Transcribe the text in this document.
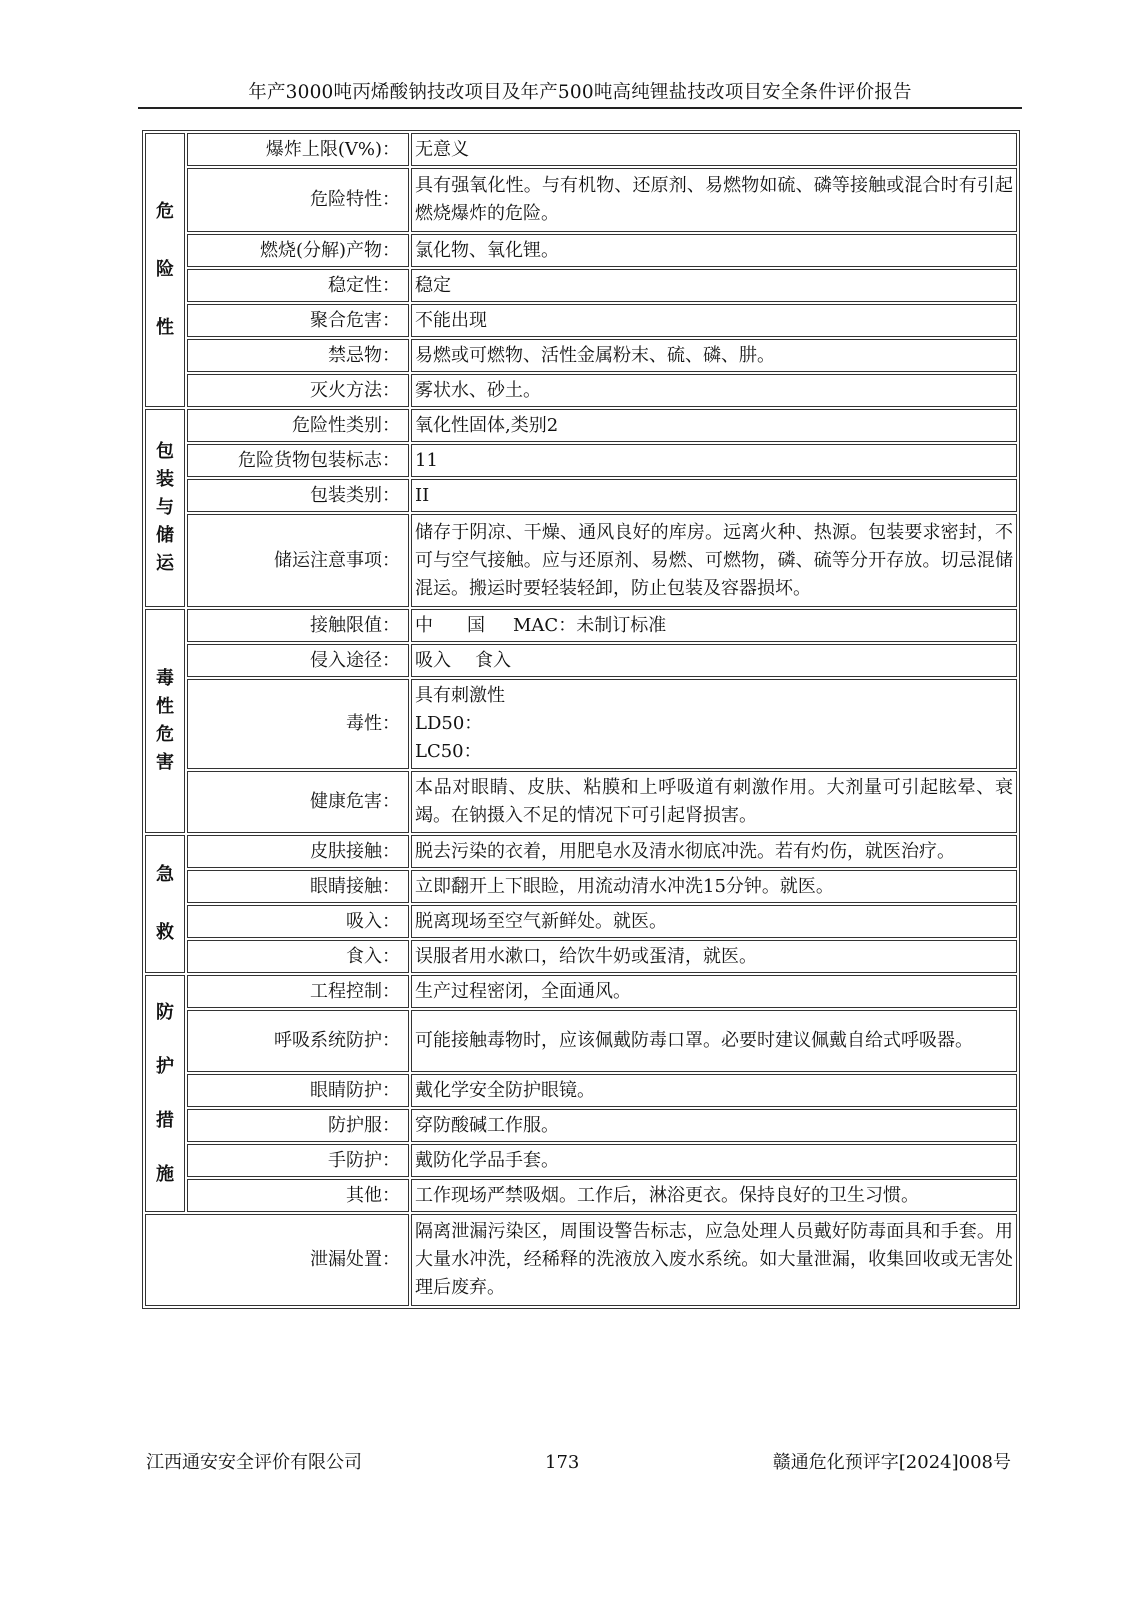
年产3000吨丙烯酸钠技改项目及年产500吨高纯锂盐技改项目安全条件评价报告
危
险
性	爆炸上限(V%)：	无意义
	危险特性：	具有强氧化性。与有机物、还原剂、易燃物如硫、磷等接触或混合时有引起燃烧爆炸的危险。
	燃烧(分解)产物：	氯化物、氧化锂。
	稳定性：	稳定
	聚合危害：	不能出现
	禁忌物：	易燃或可燃物、活性金属粉末、硫、磷、肼。
	灭火方法：	雾状水、砂土。

包
装
与
储
运	危险性类别：	氧化性固体,类别2
	危险货物包装标志：	11
	包装类别：	II
	储运注意事项：	储存于阴凉、干燥、通风良好的库房。远离火种、热源。包装要求密封，不可与空气接触。应与还原剂、易燃、可燃物，磷、硫等分开存放。切忌混储混运。搬运时要轻装轻卸，防止包装及容器损坏。

毒
性
危
害	接触限值：	中 国 MAC：未制订标准
	侵入途径：	吸入 食入
	毒性：	具有刺激性
LD50：
LC50：

	健康危害：	本品对眼睛、皮肤、粘膜和上呼吸道有刺激作用。大剂量可引起眩晕、衰竭。在钠摄入不足的情况下可引起肾损害。

急
救	皮肤接触：	脱去污染的衣着，用肥皂水及清水彻底冲洗。若有灼伤，就医治疗。
	眼睛接触：	立即翻开上下眼睑，用流动清水冲洗15分钟。就医。
	吸入：	脱离现场至空气新鲜处。就医。
	食入：	误服者用水漱口，给饮牛奶或蛋清，就医。

防
护
措
施	工程控制：	生产过程密闭，全面通风。
	呼吸系统防护：	可能接触毒物时，应该佩戴防毒口罩。必要时建议佩戴自给式呼吸器。
	眼睛防护：	戴化学安全防护眼镜。
	防护服：	穿防酸碱工作服。
	手防护：	戴防化学品手套。
	其他：	工作现场严禁吸烟。工作后，淋浴更衣。保持良好的卫生习惯。
泄漏处置：		隔离泄漏污染区，周围设警告标志，应急处理人员戴好防毒面具和手套。用大量水冲洗，经稀释的洗液放入废水系统。如大量泄漏，收集回收或无害处理后废弃。
江西通安安全评价有限公司	173	赣通危化预评字[2024]008号
